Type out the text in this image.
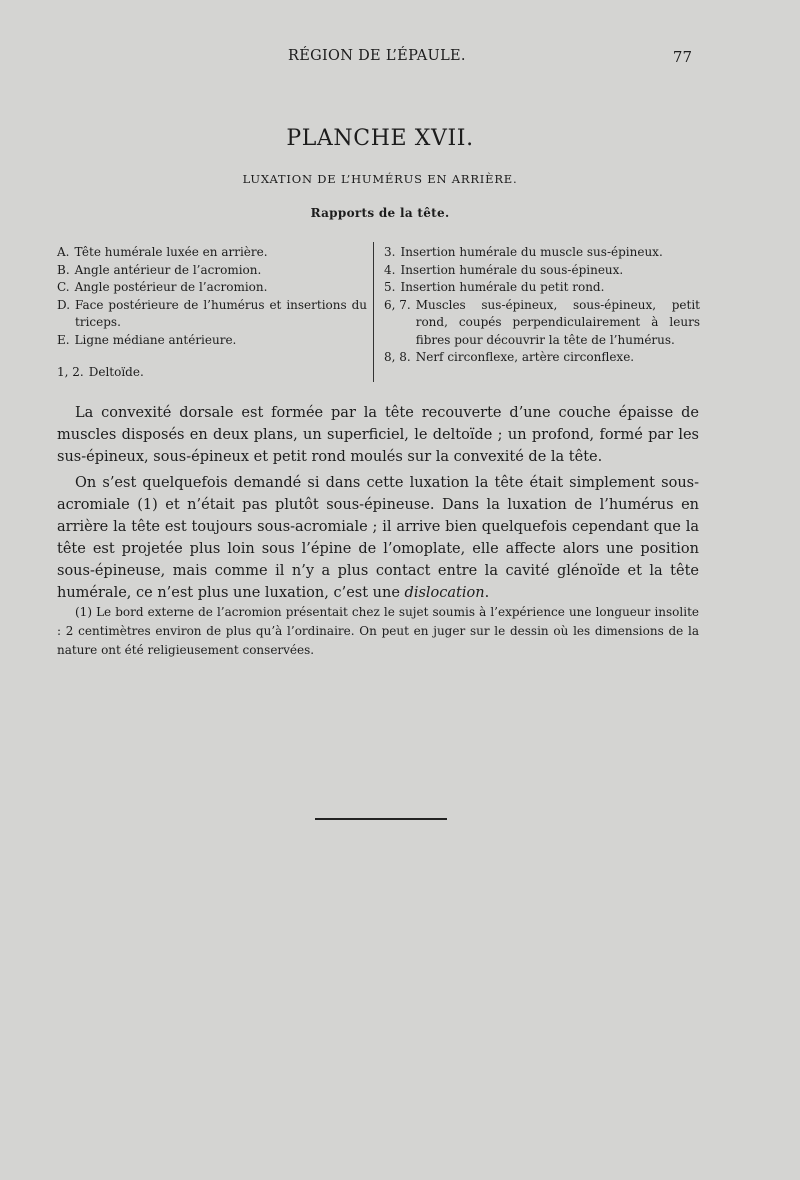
RÉGION DE L’ÉPAULE.	77
PLANCHE XVII.
LUXATION DE L’HUMÉRUS EN ARRIÈRE.
Rapports de la tête.
A. Tête humérale luxée en arrière.
B. Angle antérieur de l’acromion.
C. Angle postérieur de l’acromion.
D. Face postérieure de l’humérus et insertions du triceps.
E. Ligne médiane antérieure.
1, 2. Deltoïde.
3. Insertion humérale du muscle sus-épineux.
4. Insertion humérale du sous-épineux.
5. Insertion humérale du petit rond.
6, 7. Muscles sus-épineux, sous-épineux, petit rond, coupés perpendiculairement à leurs fibres pour découvrir la tête de l’humérus.
8, 8. Nerf circonflexe, artère circonflexe.

La convexité dorsale est formée par la tête recouverte d’une couche épaisse de muscles disposés en deux plans, un superficiel, le deltoïde ; un profond, formé par les sus-épineux, sous-épineux et petit rond moulés sur la convexité de la tête.

On s’est quelquefois demandé si dans cette luxation la tête était simplement sous-acromiale (1) et n’était pas plutôt sous-épineuse. Dans la luxation de l’humérus en arrière la tête est toujours sous-acromiale ; il arrive bien quelquefois cependant que la tête est projetée plus loin sous l’épine de l’omoplate, elle affecte alors une position sous-épineuse, mais comme il n’y a plus contact entre la cavité glénoïde et la tête humérale, ce n’est plus une luxation, c’est une dislocation.

(1) Le bord externe de l’acromion présentait chez le sujet soumis à l’expérience une longueur insolite : 2 centimètres environ de plus qu’à l’ordinaire. On peut en juger sur le dessin où les dimensions de la nature ont été religieusement conservées.
